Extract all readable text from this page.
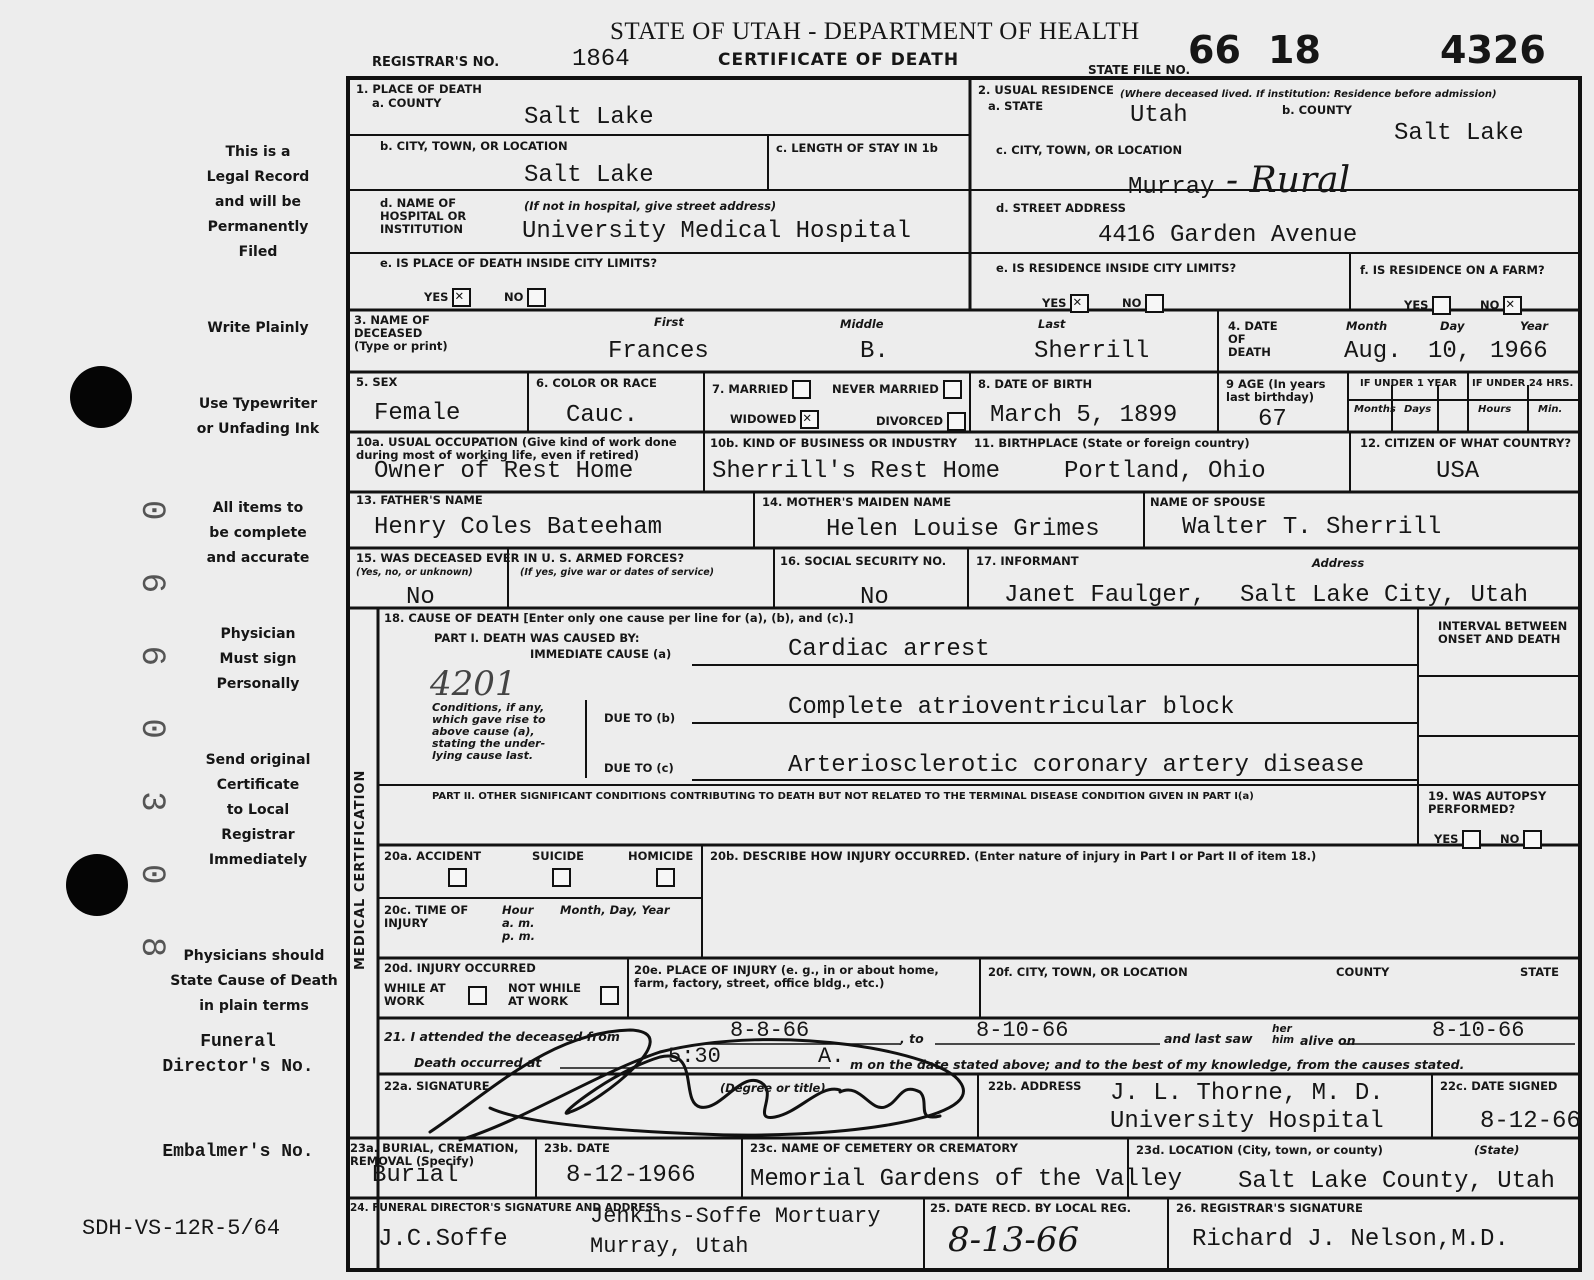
STATE OF UTAH - DEPARTMENT OF HEALTH
REGISTRAR'S NO.	1864	CERTIFICATE OF DEATH	STATE FILE NO.
66 18	4326
This is a
Legal Record
and will be
Permanently
Filed
Write Plainly
Use Typewriter
or Unfading Ink
All items to
be complete
and accurate
Physician
Must sign
Personally
Send original
Certificate
to Local
Registrar
Immediately
Physicians should
State Cause of Death
in plain terms
Funeral
Director's No.
Embalmer's No.
SDH-VS-12R-5/64
0 6 6 0 3 0 8	MEDICAL CERTIFICATION
1. PLACE OF DEATH
a. COUNTY
Salt Lake
2. USUAL RESIDENCE (Where deceased lived. If institution: Residence before admission)
a. STATE	Utah	b. COUNTY
Salt Lake
b. CITY, TOWN, OR LOCATION
Salt Lake
c. LENGTH OF STAY IN 1b	c. CITY, TOWN, OR LOCATION
Murray - Rural
d. NAME OF
HOSPITAL OR
INSTITUTION
(If not in hospital, give street address)
University Medical Hospital
d. STREET ADDRESS
4416 Garden Avenue
e. IS PLACE OF DEATH INSIDE CITY LIMITS?
YES ✕	NO
e. IS RESIDENCE INSIDE CITY LIMITS?
YES ✕	NO
f. IS RESIDENCE ON A FARM?
YES	NO ✕
3. NAME OF
DECEASED
(Type or print)
First	Middle	Last
Frances	B.	Sherrill
4. DATE
OF
DEATH
Month	Day	Year
Aug. 10, 1966
5. SEX
Female
6. COLOR OR RACE
Cauc.
7. MARRIED	NEVER MARRIED
WIDOWED ✕	DIVORCED
8. DATE OF BIRTH
March 5, 1899
9 AGE (In years
last birthday)
67
IF UNDER 1 YEAR IF UNDER 24 HRS.
Months Days	Hours	Min.
10a. USUAL OCCUPATION (Give kind of work done
during most of working life, even if retired)
Owner of Rest Home
10b. KIND OF BUSINESS OR INDUSTRY
Sherrill's Rest Home
11. BIRTHPLACE (State or foreign country)
Portland, Ohio
12. CITIZEN OF WHAT COUNTRY?
USA
13. FATHER'S NAME
Henry Coles Bateeham
14. MOTHER'S MAIDEN NAME
Helen Louise Grimes
NAME OF SPOUSE
Walter T. Sherrill
15. WAS DECEASED EVER IN U. S. ARMED FORCES?
(Yes, no, or unknown)	(If yes, give war or dates of service)
No
16. SOCIAL SECURITY NO.
No
17. INFORMANT	Address
Janet Faulger, Salt Lake City, Utah
18. CAUSE OF DEATH [Enter only one cause per line for (a), (b), and (c).]
PART I. DEATH WAS CAUSED BY:
IMMEDIATE CAUSE (a)	Cardiac arrest
4201
Conditions, if any,
which gave rise to
above cause (a),
stating the under-
lying cause last.
DUE TO (b)	Complete atrioventricular block
DUE TO (c)	Arteriosclerotic coronary artery disease
INTERVAL BETWEEN
ONSET AND DEATH
PART II. OTHER SIGNIFICANT CONDITIONS CONTRIBUTING TO DEATH BUT NOT RELATED TO THE TERMINAL DISEASE CONDITION GIVEN IN PART I(a)	19. WAS AUTOPSY
PERFORMED?
YES	NO
20a. ACCIDENT	SUICIDE	HOMICIDE 20b. DESCRIBE HOW INJURY OCCURRED. (Enter nature of injury in Part I or Part II of item 18.)
20c. TIME OF
INJURY
Hour
a. m.
p. m.
Month, Day, Year
20d. INJURY OCCURRED
WHILE AT
WORK
NOT WHILE
AT WORK
20e. PLACE OF INJURY (e. g., in or about home,
farm, factory, street, office bldg., etc.)
20f. CITY, TOWN, OR LOCATION	COUNTY	STATE
21. I attended the deceased from	8-8-66	, to 8-10-66	and last saw
her
him alive on	8-10-66
Death occurred at	5:30	A. m on the date stated above; and to the best of my knowledge, from the causes stated.
22a. SIGNATURE	(Degree or title)	22b. ADDRESS J. L. Thorne, M. D.
University Hospital
22c. DATE SIGNED
8-12-66
23a. BURIAL, CREMATION,
REMOVAL (Specify)
Burial
23b. DATE
8-12-1966
23c. NAME OF CEMETERY OR CREMATORY
Memorial Gardens of the Valley
23d. LOCATION (City, town, or county)	(State)
Salt Lake County, Utah
24. FUNERAL DIRECTOR'S SIGNATURE AND ADDRESS
J.C.Soffe
Jenkins-Soffe Mortuary
Murray, Utah
25. DATE RECD. BY LOCAL REG.
8-13-66
26. REGISTRAR'S SIGNATURE
Richard J. Nelson,M.D.
